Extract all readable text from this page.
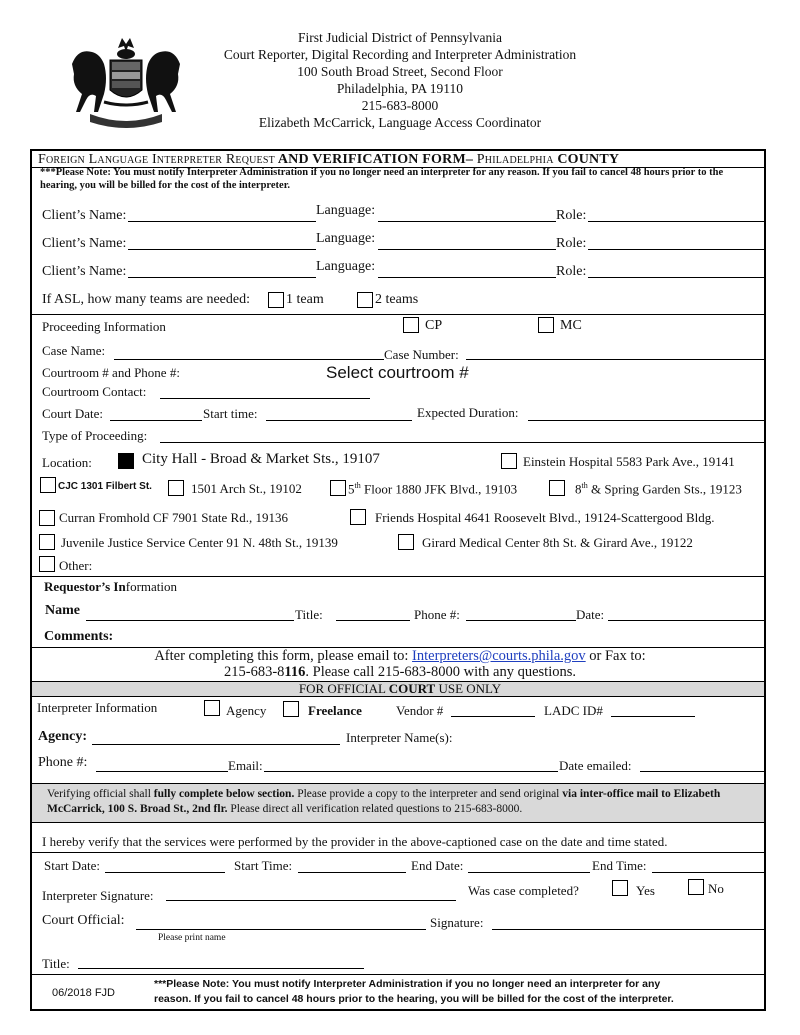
First Judicial District of Pennsylvania
Court Reporter, Digital Recording and Interpreter Administration
100 South Broad Street, Second Floor
Philadelphia, PA 19110
215-683-8000
Elizabeth McCarrick, Language Access Coordinator
Foreign Language Interpreter Request AND VERIFICATION FORM– Philadelphia COUNTY
***Please Note: You must notify Interpreter Administration if you no longer need an interpreter for any reason. If you fail to cancel 48 hours prior to the hearing, you will be billed for the cost of the interpreter.
Client’s Name:	Language:	Role:
Client’s Name:	Language:	Role:
Client’s Name:	Language:	Role:
If ASL, how many teams are needed:	1 team	2 teams
Proceeding Information	CP	MC
Case Name:	Case Number:
Courtroom # and Phone #:	Select courtroom #
Courtroom Contact:
Court Date:	Start time:	Expected Duration:
Type of Proceeding:
Location:	City Hall - Broad & Market Sts., 19107	Einstein Hospital 5583 Park Ave., 19141
CJC 1301 Filbert St.	1501 Arch St., 19102	5th Floor 1880 JFK Blvd., 19103	8th & Spring Garden Sts., 19123
Curran Fromhold CF 7901 State Rd., 19136	Friends Hospital 4641 Roosevelt Blvd., 19124-Scattergood Bldg.
Juvenile Justice Service Center 91 N. 48th St., 19139	Girard Medical Center 8th St. & Girard Ave., 19122
Other:
Requestor’s Information
Name	Title:	Phone #:	Date:
Comments:
After completing this form, please email to: Interpreters@courts.phila.gov or Fax to:
215-683-8116. Please call 215-683-8000 with any questions.
FOR OFFICIAL COURT USE ONLY
Interpreter Information	Agency	Freelance	Vendor #	LADC ID#
Agency:	Interpreter Name(s):
Phone #:	Email:	Date emailed:
Verifying official shall fully complete below section. Please provide a copy to the interpreter and send original via inter-office mail to Elizabeth McCarrick, 100 S. Broad St., 2nd flr. Please direct all verification related questions to 215-683-8000.
I hereby verify that the services were performed by the provider in the above-captioned case on the date and time stated.
Start Date:	Start Time:	End Date:	End Time:
Interpreter Signature:	Was case completed?	Yes	No
Court Official:	Signature:
Please print name
Title:
06/2018 FJD
***Please Note: You must notify Interpreter Administration if you no longer need an interpreter for any
reason. If you fail to cancel 48 hours prior to the hearing, you will be billed for the cost of the interpreter.
